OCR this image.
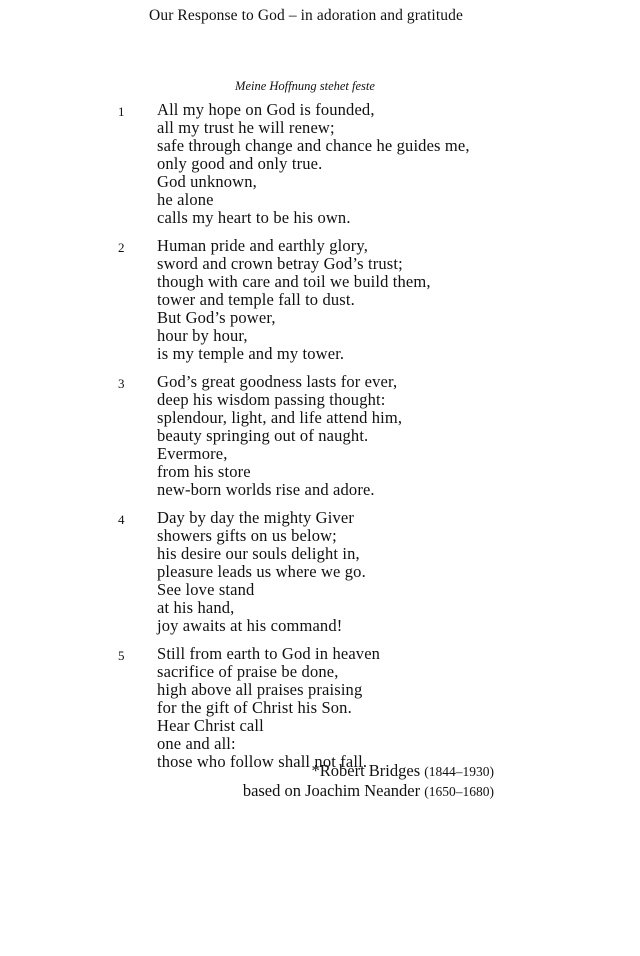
Our Response to God – in adoration and gratitude
Meine Hoffnung stehet feste
1 All my hope on God is founded,
all my trust he will renew;
safe through change and chance he guides me,
only good and only true.
God unknown,
he alone
calls my heart to be his own.
2 Human pride and earthly glory,
sword and crown betray God’s trust;
though with care and toil we build them,
tower and temple fall to dust.
But God’s power,
hour by hour,
is my temple and my tower.
3 God’s great goodness lasts for ever,
deep his wisdom passing thought:
splendour, light, and life attend him,
beauty springing out of naught.
Evermore,
from his store
new-born worlds rise and adore.
4 Day by day the mighty Giver
showers gifts on us below;
his desire our souls delight in,
pleasure leads us where we go.
See love stand
at his hand,
joy awaits at his command!
5 Still from earth to God in heaven
sacrifice of praise be done,
high above all praises praising
for the gift of Christ his Son.
Hear Christ call
one and all:
those who follow shall not fall.
*Robert Bridges (1844–1930)
based on Joachim Neander (1650–1680)
